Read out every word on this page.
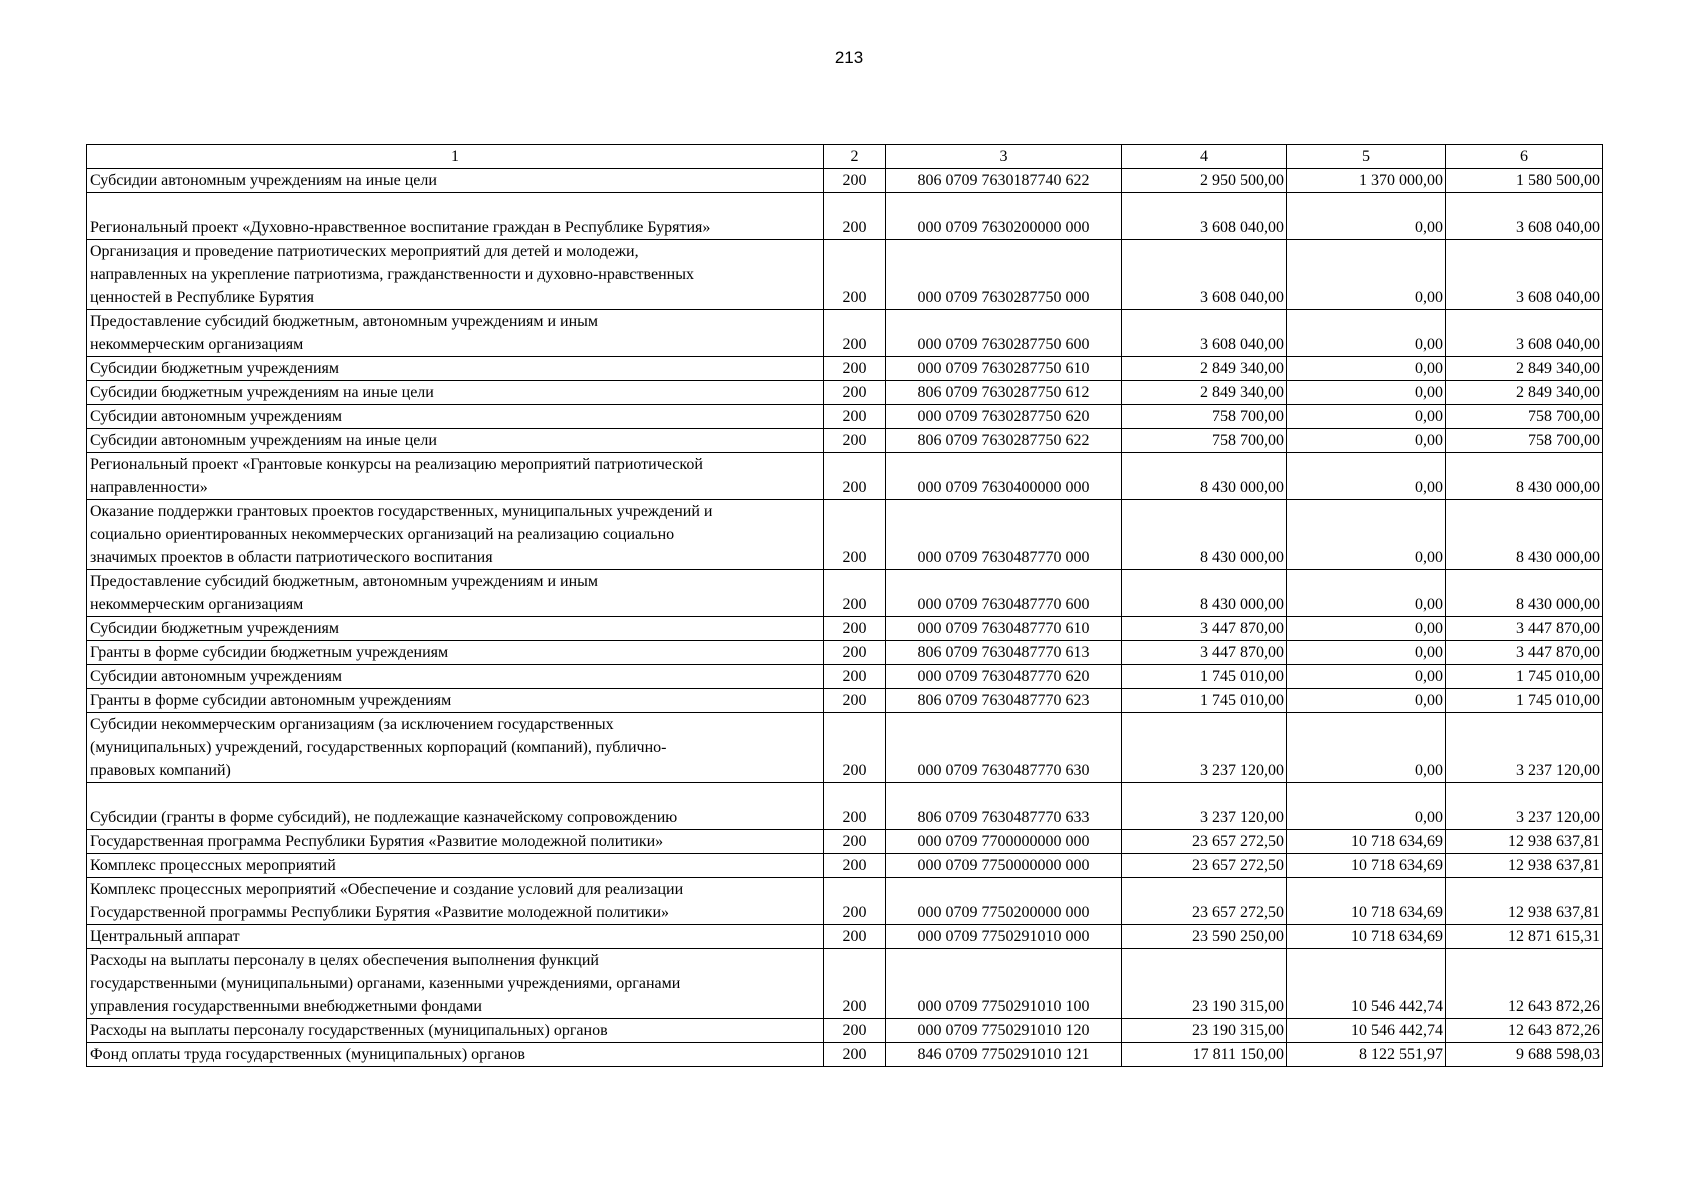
213
1	2	3	4	5	6
Субсидии автономным учреждениям на иные цели	200	806 0709 7630187740 622	2 950 500,00	1 370 000,00	1 580 500,00

Региональный проект «Духовно-нравственное воспитание граждан в Республике Бурятия»	200	000 0709 7630200000 000	3 608 040,00	0,00	3 608 040,00
Организация и проведение патриотических мероприятий для детей и молодежи,
направленных на укрепление патриотизма, гражданственности и духовно-нравственных
ценностей в Республике Бурятия	200	000 0709 7630287750 000	3 608 040,00	0,00	3 608 040,00
Предоставление субсидий бюджетным, автономным учреждениям и иным
некоммерческим организациям	200	000 0709 7630287750 600	3 608 040,00	0,00	3 608 040,00
Субсидии бюджетным учреждениям	200	000 0709 7630287750 610	2 849 340,00	0,00	2 849 340,00
Субсидии бюджетным учреждениям на иные цели	200	806 0709 7630287750 612	2 849 340,00	0,00	2 849 340,00
Субсидии автономным учреждениям	200	000 0709 7630287750 620	758 700,00	0,00	758 700,00
Субсидии автономным учреждениям на иные цели	200	806 0709 7630287750 622	758 700,00	0,00	758 700,00
Региональный проект «Грантовые конкурсы на реализацию мероприятий патриотической
направленности»	200	000 0709 7630400000 000	8 430 000,00	0,00	8 430 000,00
Оказание поддержки грантовых проектов государственных, муниципальных учреждений и
социально ориентированных некоммерческих организаций на реализацию социально
значимых проектов в области патриотического воспитания	200	000 0709 7630487770 000	8 430 000,00	0,00	8 430 000,00
Предоставление субсидий бюджетным, автономным учреждениям и иным
некоммерческим организациям	200	000 0709 7630487770 600	8 430 000,00	0,00	8 430 000,00
Субсидии бюджетным учреждениям	200	000 0709 7630487770 610	3 447 870,00	0,00	3 447 870,00
Гранты в форме субсидии бюджетным учреждениям	200	806 0709 7630487770 613	3 447 870,00	0,00	3 447 870,00
Субсидии автономным учреждениям	200	000 0709 7630487770 620	1 745 010,00	0,00	1 745 010,00
Гранты в форме субсидии автономным учреждениям	200	806 0709 7630487770 623	1 745 010,00	0,00	1 745 010,00
Субсидии некоммерческим организациям (за исключением государственных
(муниципальных) учреждений, государственных корпораций (компаний), публично-
правовых компаний)	200	000 0709 7630487770 630	3 237 120,00	0,00	3 237 120,00

Субсидии (гранты в форме субсидий), не подлежащие казначейскому сопровождению	200	806 0709 7630487770 633	3 237 120,00	0,00	3 237 120,00
Государственная программа Республики Бурятия «Развитие молодежной политики»	200	000 0709 7700000000 000	23 657 272,50	10 718 634,69	12 938 637,81
Комплекс процессных мероприятий	200	000 0709 7750000000 000	23 657 272,50	10 718 634,69	12 938 637,81
Комплекс процессных мероприятий «Обеспечение и создание условий для реализации
Государственной программы Республики Бурятия «Развитие молодежной политики»	200	000 0709 7750200000 000	23 657 272,50	10 718 634,69	12 938 637,81
Центральный аппарат	200	000 0709 7750291010 000	23 590 250,00	10 718 634,69	12 871 615,31
Расходы на выплаты персоналу в целях обеспечения выполнения функций
государственными (муниципальными) органами, казенными учреждениями, органами
управления государственными внебюджетными фондами	200	000 0709 7750291010 100	23 190 315,00	10 546 442,74	12 643 872,26
Расходы на выплаты персоналу государственных (муниципальных) органов	200	000 0709 7750291010 120	23 190 315,00	10 546 442,74	12 643 872,26
Фонд оплаты труда государственных (муниципальных) органов	200	846 0709 7750291010 121	17 811 150,00	8 122 551,97	9 688 598,03
